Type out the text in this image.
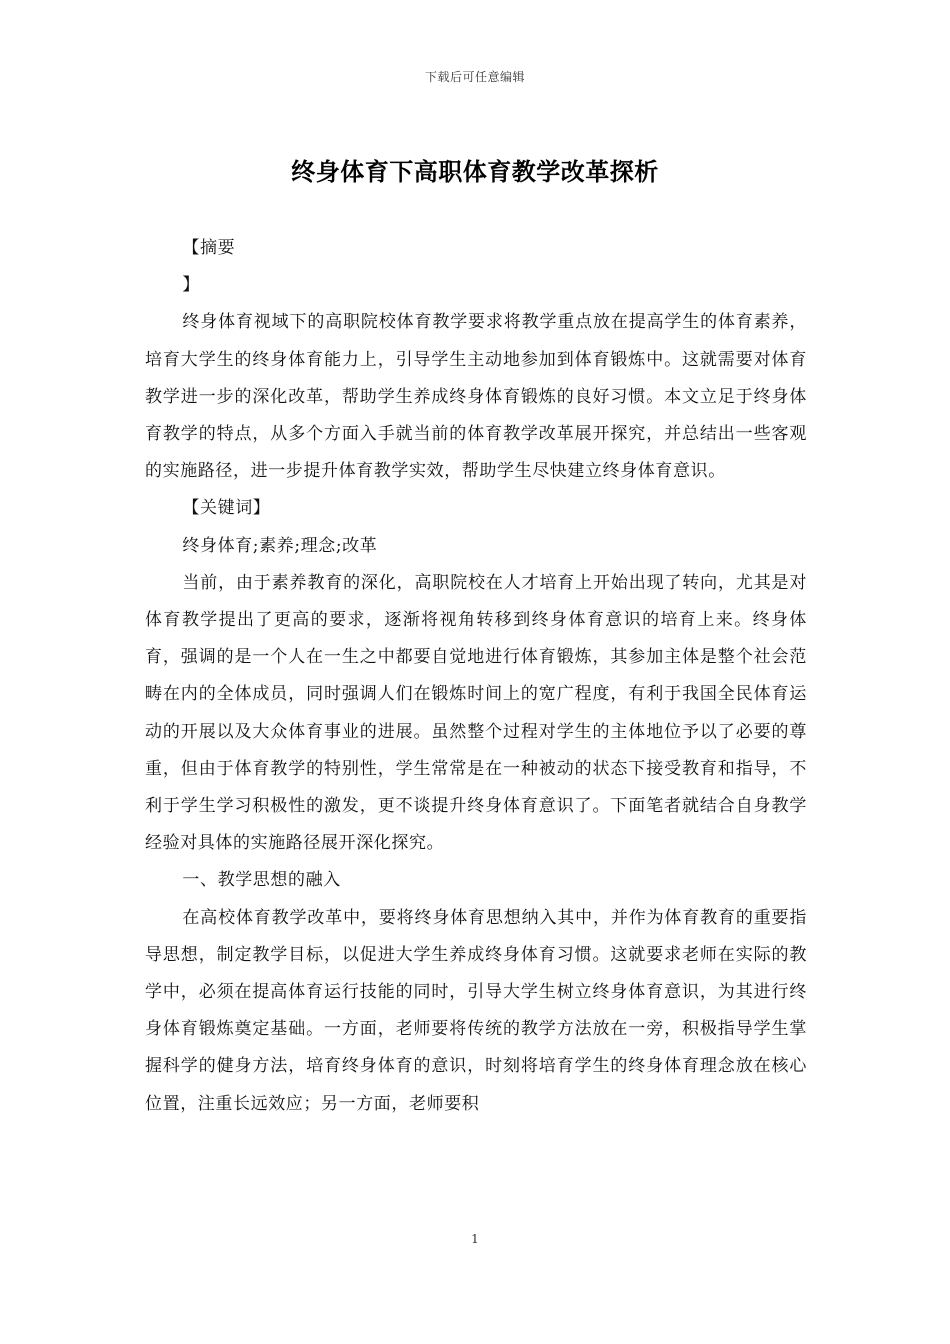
下载后可任意编辑
终身体育下高职体育教学改革探析

【摘要

】

终身体育视域下的高职院校体育教学要求将教学重点放在提高学生的体育素养，培育大学生的终身体育能力上，引导学生主动地参加到体育锻炼中。这就需要对体育教学进一步的深化改革，帮助学生养成终身体育锻炼的良好习惯。本文立足于终身体育教学的特点，从多个方面入手就当前的体育教学改革展开探究，并总结出一些客观的实施路径，进一步提升体育教学实效，帮助学生尽快建立终身体育意识。

【关键词】

终身体育;素养;理念;改革

当前，由于素养教育的深化，高职院校在人才培育上开始出现了转向，尤其是对体育教学提出了更高的要求，逐渐将视角转移到终身体育意识的培育上来。终身体育，强调的是一个人在一生之中都要自觉地进行体育锻炼，其参加主体是整个社会范畴在内的全体成员，同时强调人们在锻炼时间上的宽广程度，有利于我国全民体育运动的开展以及大众体育事业的进展。虽然整个过程对学生的主体地位予以了必要的尊重，但由于体育教学的特别性，学生常常是在一种被动的状态下接受教育和指导，不利于学生学习积极性的激发，更不谈提升终身体育意识了。下面笔者就结合自身教学经验对具体的实施路径展开深化探究。

一、教学思想的融入

在高校体育教学改革中，要将终身体育思想纳入其中，并作为体育教育的重要指导思想，制定教学目标，以促进大学生养成终身体育习惯。这就要求老师在实际的教学中，必须在提高体育运行技能的同时，引导大学生树立终身体育意识，为其进行终身体育锻炼奠定基础。一方面，老师要将传统的教学方法放在一旁，积极指导学生掌握科学的健身方法，培育终身体育的意识，时刻将培育学生的终身体育理念放在核心位置，注重长远效应；另一方面，老师要积

1
